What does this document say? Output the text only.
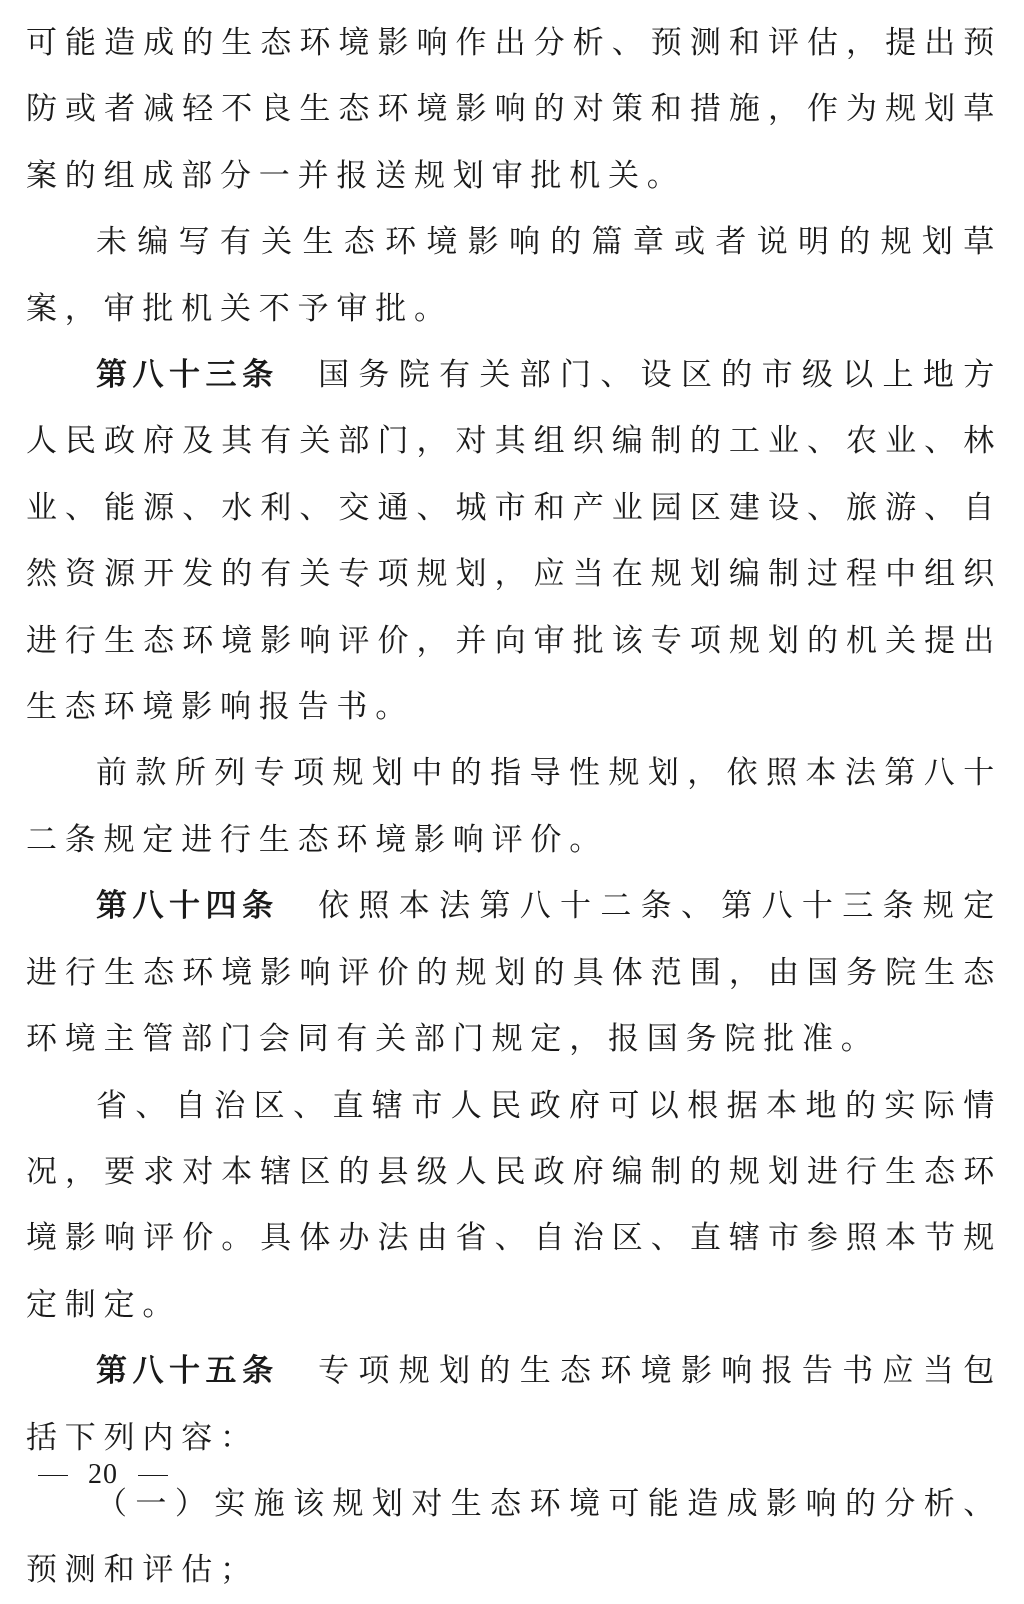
可能造成的生态环境影响作出分析、预测和评估，提出预防或者减轻不良生态环境影响的对策和措施，作为规划草案的组成部分一并报送规划审批机关。

未编写有关生态环境影响的篇章或者说明的规划草案，审批机关不予审批。

第八十三条 国务院有关部门、设区的市级以上地方人民政府及其有关部门，对其组织编制的工业、农业、林业、能源、水利、交通、城市和产业园区建设、旅游、自然资源开发的有关专项规划，应当在规划编制过程中组织进行生态环境影响评价，并向审批该专项规划的机关提出生态环境影响报告书。

前款所列专项规划中的指导性规划，依照本法第八十二条规定进行生态环境影响评价。

第八十四条 依照本法第八十二条、第八十三条规定进行生态环境影响评价的规划的具体范围，由国务院生态环境主管部门会同有关部门规定，报国务院批准。

省、自治区、直辖市人民政府可以根据本地的实际情况，要求对本辖区的县级人民政府编制的规划进行生态环境影响评价。具体办法由省、自治区、直辖市参照本节规定制定。

第八十五条 专项规划的生态环境影响报告书应当包括下列内容：

（一）实施该规划对生态环境可能造成影响的分析、预测和评估；

20
